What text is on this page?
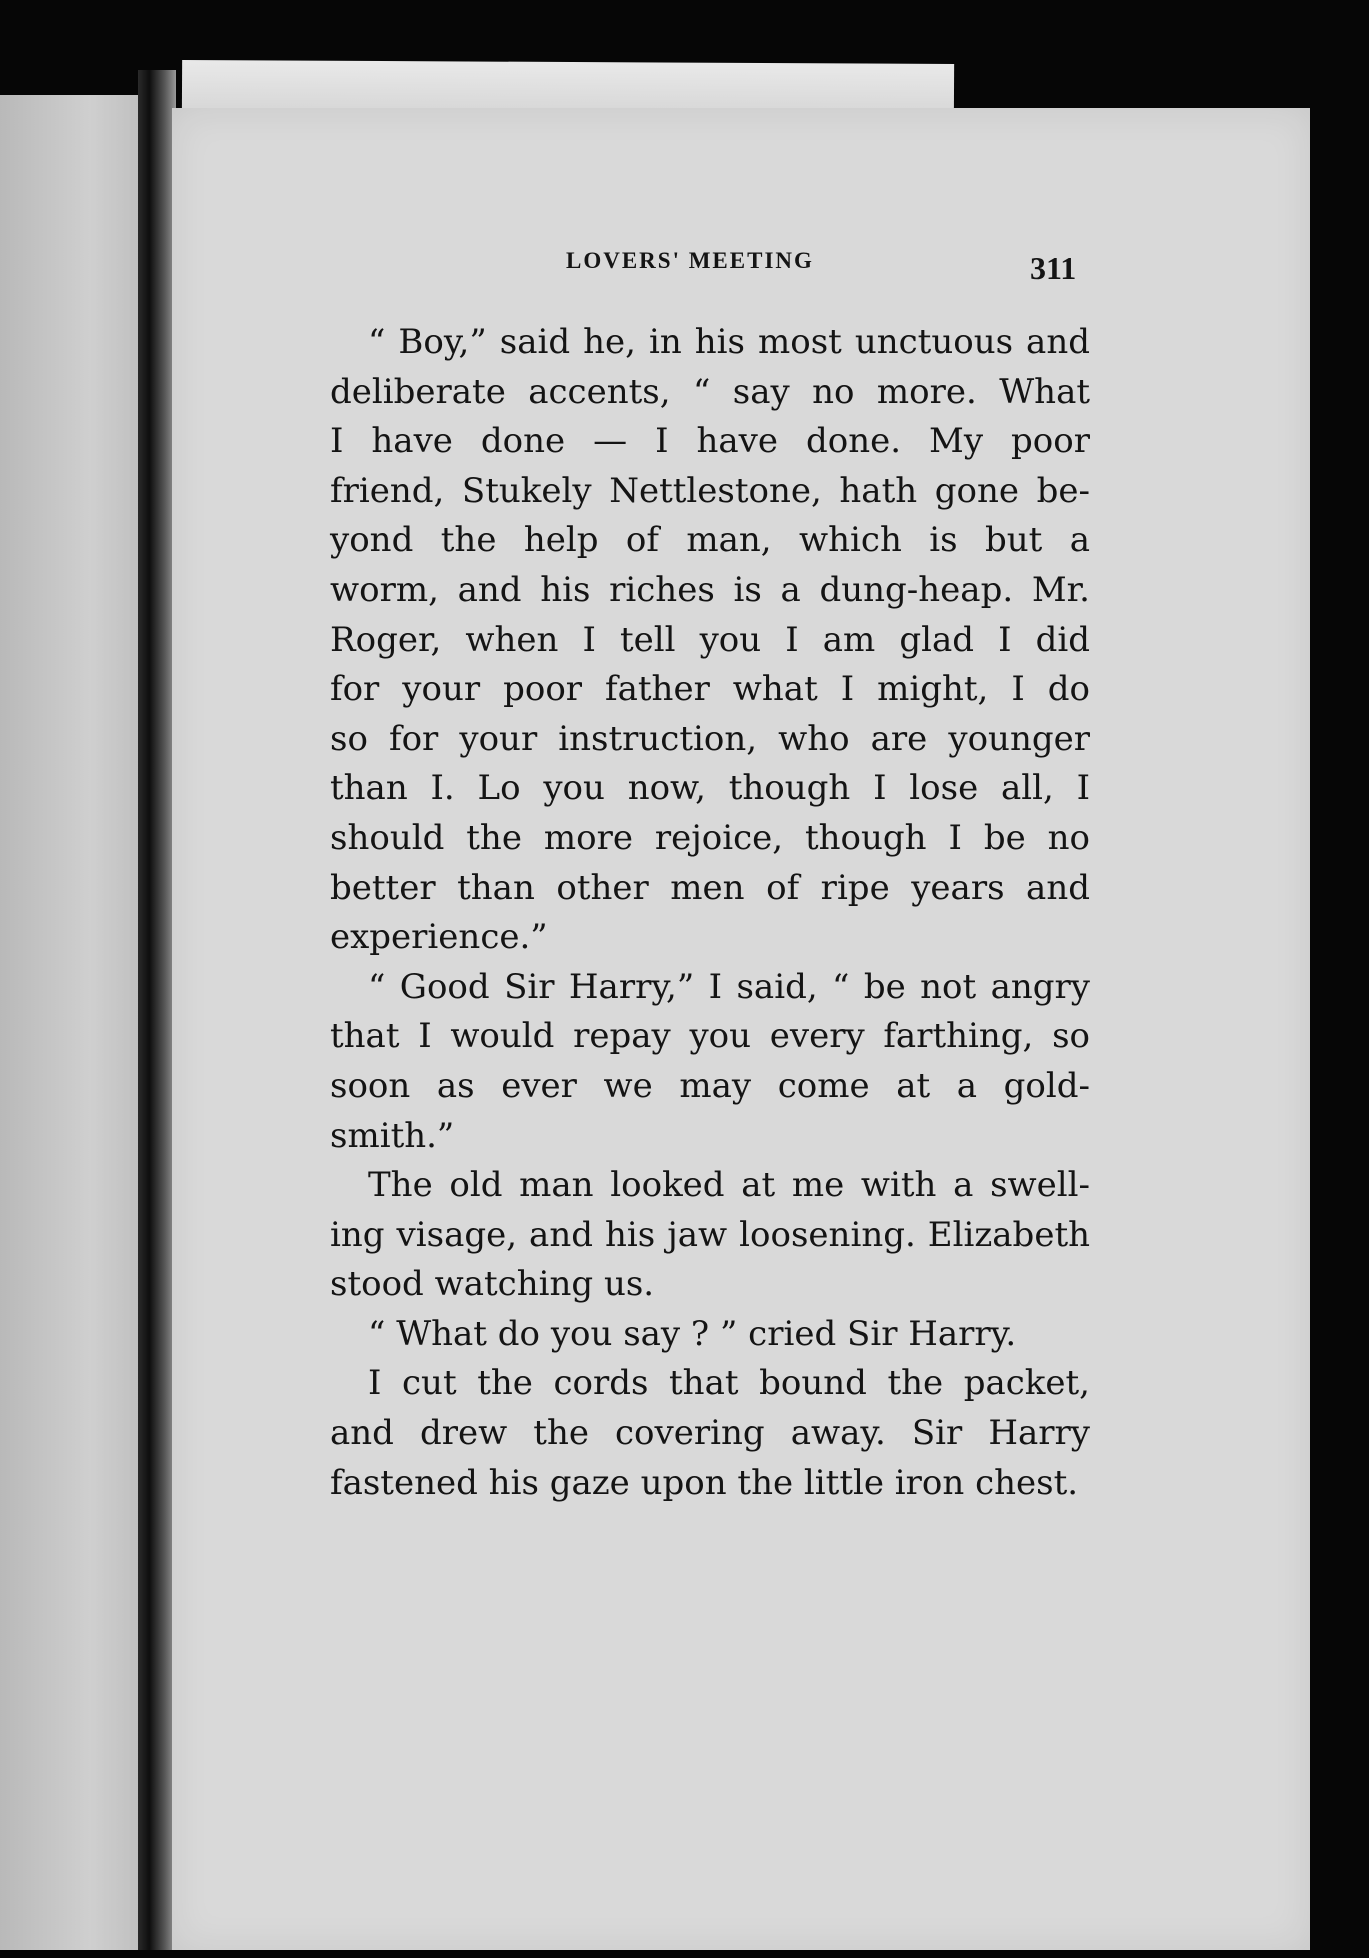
LOVERS' MEETING	311

“ Boy,” said he, in his most unctuous and

deliberate accents, “ say no more. What

I have done — I have done. My poor

friend, Stukely Nettlestone, hath gone be-

yond the help of man, which is but a

worm, and his riches is a dung-heap. Mr.

Roger, when I tell you I am glad I did

for your poor father what I might, I do

so for your instruction, who are younger

than I. Lo you now, though I lose all, I

should the more rejoice, though I be no

better than other men of ripe years and

experience.”

“ Good Sir Harry,” I said, “ be not angry

that I would repay you every farthing, so

soon as ever we may come at a gold-

smith.”

The old man looked at me with a swell-

ing visage, and his jaw loosening. Elizabeth

stood watching us.

“ What do you say ? ” cried Sir Harry.

I cut the cords that bound the packet,

and drew the covering away. Sir Harry

fastened his gaze upon the little iron chest.
